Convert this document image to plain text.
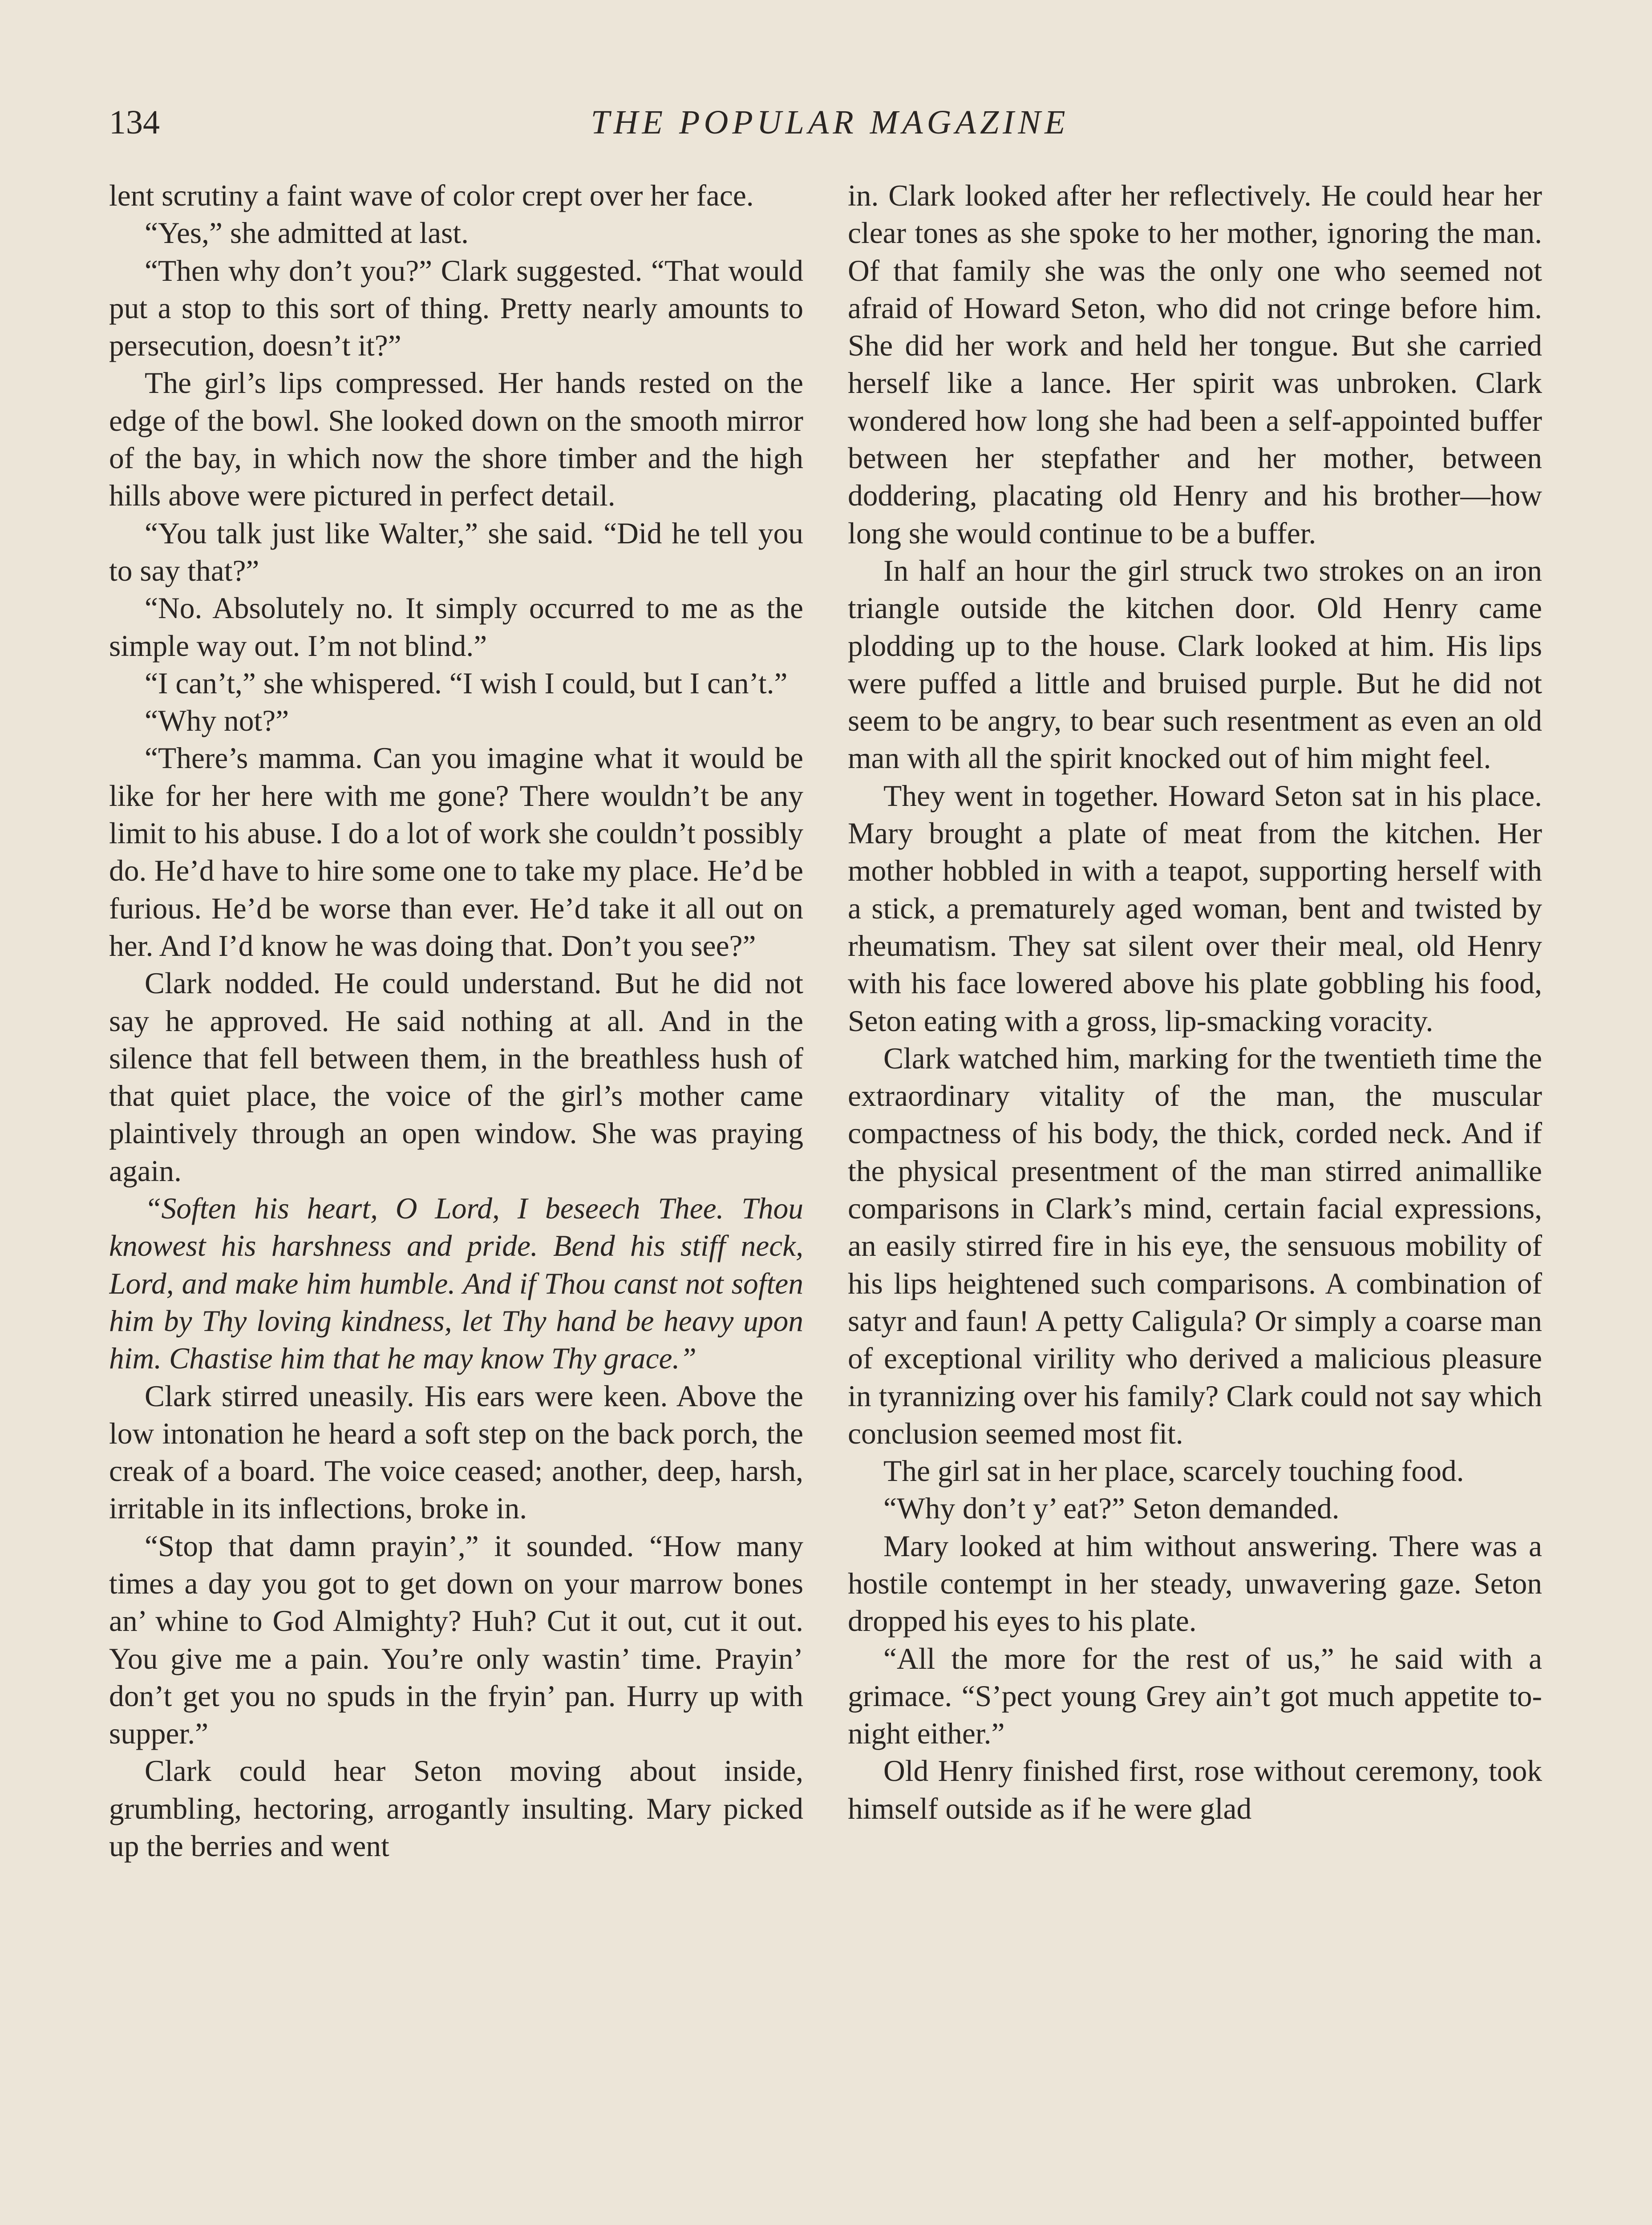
134	THE POPULAR MAGAZINE

lent scrutiny a faint wave of color crept over her face.

“Yes,” she admitted at last.

“Then why don’t you?” Clark suggested. “That would put a stop to this sort of thing. Pretty nearly amounts to persecution, doesn’t it?”

The girl’s lips compressed. Her hands rested on the edge of the bowl. She looked down on the smooth mirror of the bay, in which now the shore timber and the high hills above were pictured in perfect detail.

“You talk just like Walter,” she said. “Did he tell you to say that?”

“No. Absolutely no. It simply occurred to me as the simple way out. I’m not blind.”

“I can’t,” she whispered. “I wish I could, but I can’t.”

“Why not?”

“There’s mamma. Can you imagine what it would be like for her here with me gone? There wouldn’t be any limit to his abuse. I do a lot of work she couldn’t possibly do. He’d have to hire some one to take my place. He’d be furious. He’d be worse than ever. He’d take it all out on her. And I’d know he was doing that. Don’t you see?”

Clark nodded. He could understand. But he did not say he approved. He said nothing at all. And in the silence that fell between them, in the breathless hush of that quiet place, the voice of the girl’s mother came plaintively through an open window. She was praying again.

“Soften his heart, O Lord, I beseech Thee. Thou knowest his harshness and pride. Bend his stiff neck, Lord, and make him humble. And if Thou canst not soften him by Thy loving kindness, let Thy hand be heavy upon him. Chastise him that he may know Thy grace.”

Clark stirred uneasily. His ears were keen. Above the low intonation he heard a soft step on the back porch, the creak of a board. The voice ceased; another, deep, harsh, irritable in its inflections, broke in.

“Stop that damn prayin’,” it sounded. “How many times a day you got to get down on your marrow bones an’ whine to God Almighty? Huh? Cut it out, cut it out. You give me a pain. You’re only wastin’ time. Prayin’ don’t get you no spuds in the fryin’ pan. Hurry up with supper.”

Clark could hear Seton moving about inside, grumbling, hectoring, arrogantly insulting. Mary picked up the berries and went

in. Clark looked after her reflectively. He could hear her clear tones as she spoke to her mother, ignoring the man. Of that family she was the only one who seemed not afraid of Howard Seton, who did not cringe before him. She did her work and held her tongue. But she carried herself like a lance. Her spirit was unbroken. Clark wondered how long she had been a self-appointed buffer between her stepfather and her mother, between doddering, placating old Henry and his brother—how long she would continue to be a buffer.

In half an hour the girl struck two strokes on an iron triangle outside the kitchen door. Old Henry came plodding up to the house. Clark looked at him. His lips were puffed a little and bruised purple. But he did not seem to be angry, to bear such resentment as even an old man with all the spirit knocked out of him might feel.

They went in together. Howard Seton sat in his place. Mary brought a plate of meat from the kitchen. Her mother hobbled in with a teapot, supporting herself with a stick, a prematurely aged woman, bent and twisted by rheumatism. They sat silent over their meal, old Henry with his face lowered above his plate gobbling his food, Seton eating with a gross, lip-smacking voracity.

Clark watched him, marking for the twentieth time the extraordinary vitality of the man, the muscular compactness of his body, the thick, corded neck. And if the physical presentment of the man stirred animallike comparisons in Clark’s mind, certain facial expressions, an easily stirred fire in his eye, the sensuous mobility of his lips heightened such comparisons. A combination of satyr and faun! A petty Caligula? Or simply a coarse man of exceptional virility who derived a malicious pleasure in tyrannizing over his family? Clark could not say which conclusion seemed most fit.

The girl sat in her place, scarcely touching food.

“Why don’t y’ eat?” Seton demanded.

Mary looked at him without answering. There was a hostile contempt in her steady, unwavering gaze. Seton dropped his eyes to his plate.

“All the more for the rest of us,” he said with a grimace. “S’pect young Grey ain’t got much appetite to-night either.”

Old Henry finished first, rose without ceremony, took himself outside as if he were glad
